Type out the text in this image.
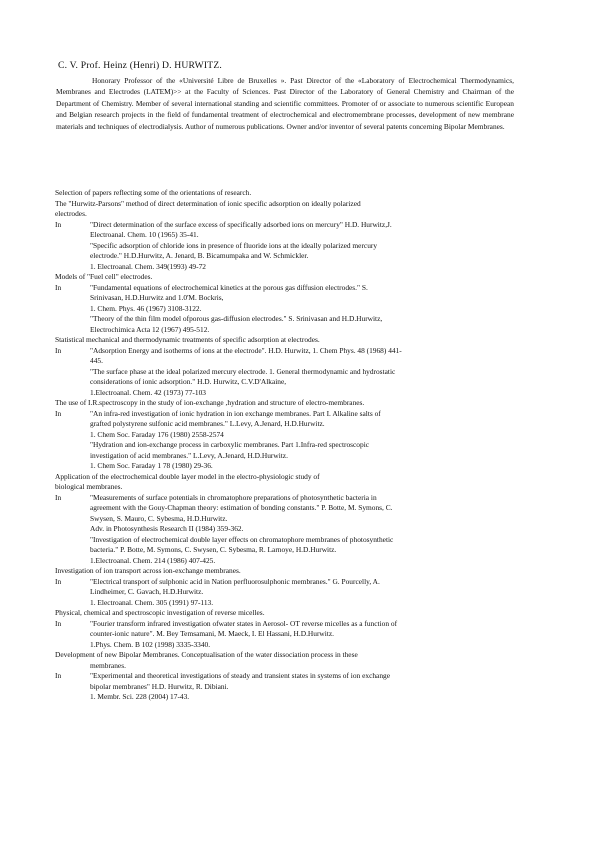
C. V. Prof. Heinz (Henri) D. HURWITZ.
Honorary Professor of the «Université Libre de Bruxelles ». Past Director of the «Laboratory of Electrochemical Thermodynamics, Membranes and Electrodes (LATEM)>> at the Faculty of Sciences. Past Director of the Laboratory of General Chemistry and Chairman of the Department of Chemistry. Member of several international standing and scientific committees. Promoter of or associate to numerous scientific European and Belgian research projects in the field of fundamental treatment of electrochemical and electromembrane processes, development of new membrane materials and techniques of electrodialysis. Author of numerous publications. Owner and/or inventor of several patents concerning Bipolar Membranes.

Selection of papers reflecting some of the orientations of research.

The "Hurwitz-Parsons" method of direct determination of ionic specific adsorption on ideally polarized

electrodes.

In	"Direct determination of the surface excess of specifically adsorbed ions on mercury" H.D. Hurwitz,J.
Electroanal. Chem. 10 (1965) 35-41.
"Specific adsorption of chloride ions in presence of fluoride ions at the ideally polarized mercury
electrode." H.D.Hurwitz, A. Jenard, B. Bicamumpaka and W. Schmickler.
1. Electroanal. Chem. 349(1993) 49-72

Models of "Fuel cell" electrodes.

In	"Fundamental equations of electrochemical kinetics at the porous gas diffusion electrodes." S.
Srinivasan, H.D.Hurwitz and 1.0'M. Bockris,
1. Chem. Phys. 46 (1967) 3108-3122.
"Theory of the thin film model ofporous gas-diffusion electrodes." S. Srinivasan and H.D.Hurwitz,
Electrochimica Acta 12 (1967) 495-512.

Statistical mechanical and thermodynamic treatments of specific adsorption at electrodes.

In	"Adsorption Energy and isotherms of ions at the electrode". H.D. Hurwitz, 1. Chem Phys. 48 (1968) 441-
445.
"The surface phase at the ideal polarized mercury electrode. 1. General thermodynamic and hydrostatic
considerations of ionic adsorption." H.D. Hurwitz, C.V.D'Alkaine,
1.Electroanal. Chem. 42 (1973) 77-103

The use of I.R.spectroscopy in the study of ion-exchange ,hydration and structure of electro-membranes.

In	"An infra-red investigation of ionic hydration in ion exchange membranes. Part I. Alkaline salts of
grafted polystyrene sulfonic acid membranes." L.Levy, A.Jenard, H.D.Hurwitz.
1. Chem Soc. Faraday 176 (1980) 2558-2574
"Hydration and ion-exchange process in carboxylic membranes. Part 1.Infra-red spectroscopic
investigation of acid membranes." L.Levy, A.Jenard, H.D.Hurwitz.
1. Chem Soc. Faraday 1 78 (1980) 29-36.

Application of the electrochemical double layer model in the electro-physiologic study of

biological membranes.

In	"Measurements of surface potentials in chromatophore preparations of photosynthetic bacteria in
agreement with the Gouy-Chapman theory: estimation of bonding constants." P. Botte, M. Symons, C.
Swysen, S. Mauro, C. Sybesma, H.D.Hurwitz.
Adv. in Photosynthesis Research II (1984) 359-362.
"Investigation of electrochemical double layer effects on chromatophore membranes of photosynthetic
bacteria." P. Botte, M. Symons, C. Swysen, C. Sybesma, R. Larnoye, H.D.Hurwitz.
1.Electroanal. Chem. 214 (1986) 407-425.

Investigation of ion transport across ion-exchange membranes.

In	"Electrical transport of sulphonic acid in Nation perfluorosulphonic membranes." G. Pourcelly, A.
Lindheimer, C. Gavach, H.D.Hurwitz.
1. Electroanal. Chem. 305 (1991) 97-113.

Physical, chemical and spectroscopic investigation of reverse micelles.

In	"Fourier transform infrared investigation ofwater states in Aerosol- OT reverse micelles as a function of
counter-ionic nature". M. Bey Temsamani, M. Maeck, I. El Hassani, H.D.Hurwitz.
1.Phys. Chem. B 102 (1998) 3335-3340.

Development of new Bipolar Membranes. Conceptualisation of the water dissociation process in these

membranes.

In	"Experimental and theoretical investigations of steady and transient states in systems of ion exchange
bipolar membranes" H.D. Hurwitz, R. Dibiani.
1. Membr. Sci. 228 (2004) 17-43.
